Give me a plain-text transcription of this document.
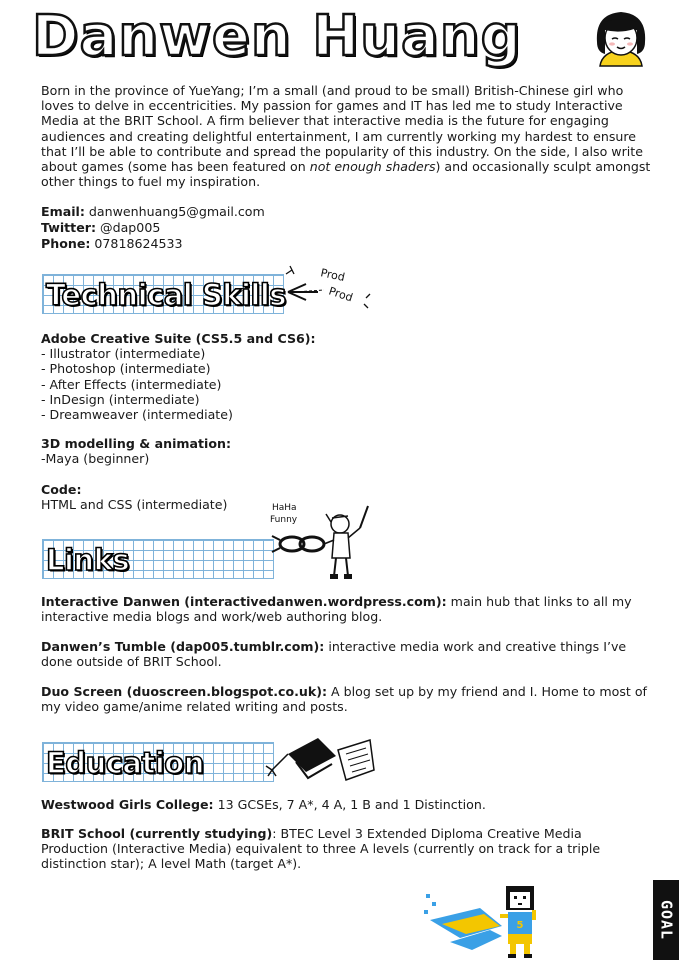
Danwen Huang

Born in the province of YueYang; I’m a small (and proud to be small) British-Chinese girl who loves to delve in eccentricities. My passion for games and IT has led me to study Interactive Media at the BRIT School. A firm believer that interactive media is the future for engaging audiences and creating delightful entertainment, I am currently working my hardest to ensure that I’ll be able to contribute and spread the popularity of this industry. On the side, I also write about games (some has been featured on not enough shaders) and occasionally sculpt amongst other things to fuel my inspiration.

Email: danwenhuang5@gmail.com
Twitter: @dap005
Phone: 07818624533
Technical Skills
Prod
Prod
Adobe Creative Suite (CS5.5 and CS6):
- Illustrator (intermediate)
- Photoshop (intermediate)
- After Effects (intermediate)
- InDesign (intermediate)
- Dreamweaver (intermediate)
3D modelling & animation:
-Maya (beginner)
Code:
HTML and CSS (intermediate)
Links
HaHa
Funny
Interactive Danwen (interactivedanwen.wordpress.com): main hub that links to all my interactive media blogs and work/web authoring blog.
Danwen’s Tumble (dap005.tumblr.com): interactive media work and creative things I’ve done outside of BRIT School.
Duo Screen (duoscreen.blogspot.co.uk): A blog set up by my friend and I. Home to most of my video game/anime related writing and posts.
Education
Westwood Girls College: 13 GCSEs, 7 A*, 4 A, 1 B and 1 Distinction.
BRIT School (currently studying): BTEC Level 3 Extended Diploma Creative Media Production (Interactive Media) equivalent to three A levels (currently on track for a triple distinction star); A level Math (target A*).
5	GOAL
